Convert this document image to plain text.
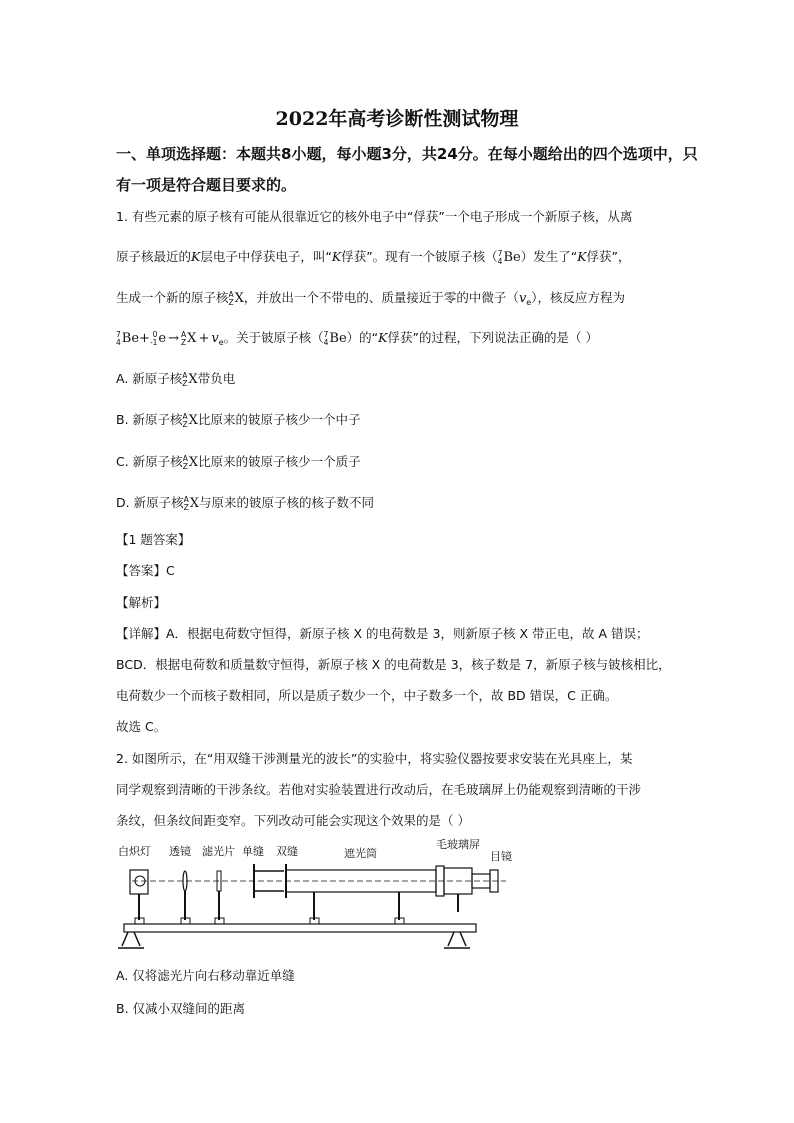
2022年高考诊断性测试物理
一、单项选择题：本题共8小题，每小题3分，共24分。在每小题给出的四个选项中，只有一项是符合题目要求的。
1. 有些元素的原子核有可能从很靠近它的核外电子中“俘获”一个电子形成一个新原子核，从离
原子核最近的K层电子中俘获电子，叫“K俘获”。现有一个铍原子核（ 7
4 Be）发生了“K俘获”，
生成一个新的原子核 A
Z X，并放出一个不带电的、质量接近于零的中微子$(v_e)$，核反应方程为
7
4 Be+ 0
-1 e → A
Z $X + v_e$。关于铍原子核（ 7
4 Be）的“K俘获”的过程，下列说法正确的是（ ）
A. 新原子核 A
Z X带负电
B. 新原子核 A
Z X比原来的铍原子核少一个中子
C. 新原子核 A
Z X比原来的铍原子核少一个质子
D. 新原子核 A
Z X与原来的铍原子核的核子数不同
【1 题答案】
【答案】C
【解析】
【详解】A．根据电荷数守恒得，新原子核 X 的电荷数是 3，则新原子核 X 带正电，故 A 错误；
BCD．根据电荷数和质量数守恒得，新原子核 X 的电荷数是 3，核子数是 7，新原子核与铍核相比，
电荷数少一个而核子数相同，所以是质子数少一个，中子数多一个，故 BD 错误，C 正确。
故选 C。
2. 如图所示，在“用双缝干涉测量光的波长”的实验中，将实验仪器按要求安装在光具座上，某
同学观察到清晰的干涉条纹。若他对实验装置进行改动后，在毛玻璃屏上仍能观察到清晰的干涉
条纹，但条纹间距变窄。下列改动可能会实现这个效果的是（ ）
白炽灯 透镜 滤光片 单缝 双缝	遮光筒
毛玻璃屏
目镜
A. 仅将滤光片向右移动靠近单缝
B. 仅减小双缝间的距离
